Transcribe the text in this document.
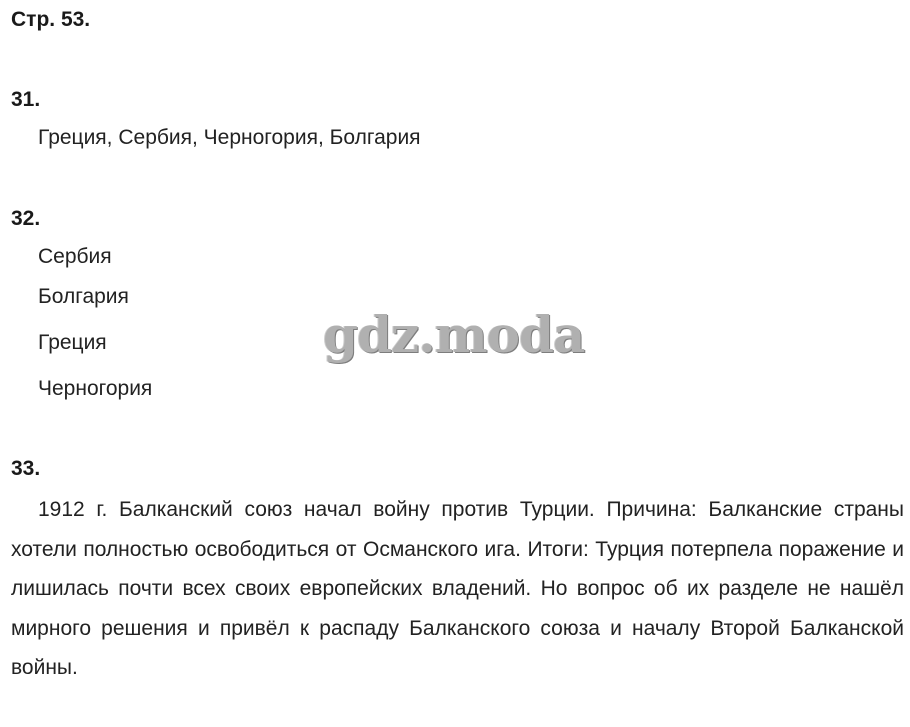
Стр. 53.
31.
Греция, Сербия, Черногория, Болгария
32.
Сербия
Болгария
Греция
Черногория
gdz.moda
33.
1912 г. Балканский союз начал войну против Турции. Причина: Балканские страны хотели полностью освободиться от Османского ига. Итоги: Турция потерпела поражение и лишилась почти всех своих европейских владений. Но вопрос об их разделе не нашёл мирного решения и привёл к распаду Балканского союза и началу Второй Балканской войны.
